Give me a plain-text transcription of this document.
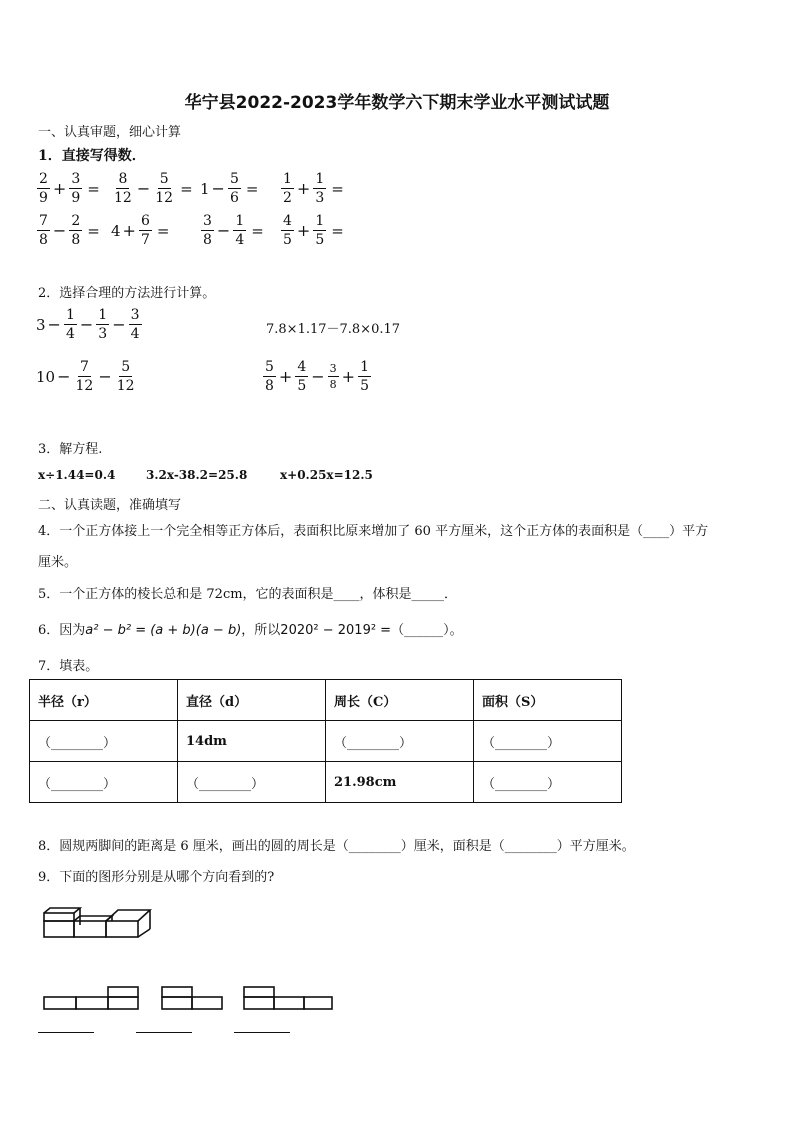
华宁县2022-2023学年数学六下期末学业水平测试试题
一、认真审题，细心计算
1．直接写得数．
$\frac{2}{9} + \frac{3}{9} = \frac{8}{12} - \frac{5}{12} = 1 - \frac{5}{6} = \frac{1}{2} + \frac{1}{3}$ =
$\frac{7}{8} - \frac{2}{8} = 4 + \frac{6}{7} = \frac{3}{8} - \frac{1}{4} = \frac{4}{5} + \frac{1}{5}$ =
2．选择合理的方法进行计算。
$3 - \frac{1}{4} - \frac{1}{3} - \frac{3}{4}$	7.8×1.17－7.8×0.17
$10 - \frac{7}{12} - \frac{5}{12}$	$\frac{5}{8} + \frac{4}{5} - \frac{3}{8} + \frac{1}{5}$
3．解方程.
x÷1.44=0.4	3.2x-38.2=25.8	x+0.25x=12.5
二、认真读题，准确填写
4．一个正方体接上一个完全相等正方体后，表面积比原来增加了 60 平方厘米，这个正方体的表面积是（____）平方
厘米。
5．一个正方体的棱长总和是 72cm，它的表面积是____，体积是_____．
6．因为a² − b² = (a + b)(a − b)，所以2020² − 2019² =（______）。
7．填表。
半径（r）	直径（d）	周长（C）	面积（S）
（________）	14dm	（________）	（________）
（________）	（________）	21.98cm	（________）
8．圆规两脚间的距离是 6 厘米，画出的圆的周长是（________）厘米，面积是（________）平方厘米。
9．下面的图形分别是从哪个方向看到的?
